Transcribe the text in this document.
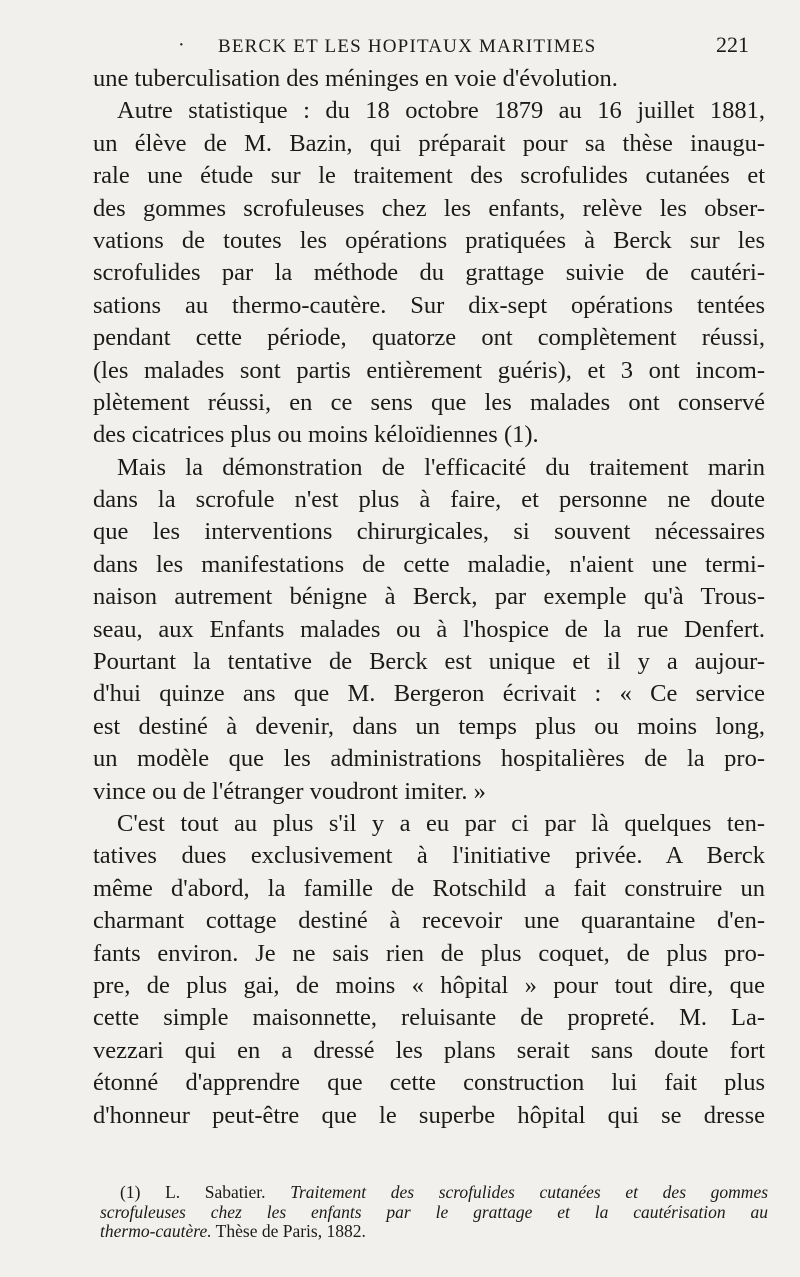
· BERCK ET LES HOPITAUX MARITIMES	221
une tuberculisation des méninges en voie d'évolution.
Autre statistique : du 18 octobre 1879 au 16 juillet 1881,
un élève de M. Bazin, qui préparait pour sa thèse inaugu-
rale une étude sur le traitement des scrofulides cutanées et
des gommes scrofuleuses chez les enfants, relève les obser-
vations de toutes les opérations pratiquées à Berck sur les
scrofulides par la méthode du grattage suivie de cautéri-
sations au thermo-cautère. Sur dix-sept opérations tentées
pendant cette période, quatorze ont complètement réussi,
(les malades sont partis entièrement guéris), et 3 ont incom-
plètement réussi, en ce sens que les malades ont conservé
des cicatrices plus ou moins kéloïdiennes (1).
Mais la démonstration de l'efficacité du traitement marin
dans la scrofule n'est plus à faire, et personne ne doute
que les interventions chirurgicales, si souvent nécessaires
dans les manifestations de cette maladie, n'aient une termi-
naison autrement bénigne à Berck, par exemple qu'à Trous-
seau, aux Enfants malades ou à l'hospice de la rue Denfert.
Pourtant la tentative de Berck est unique et il y a aujour-
d'hui quinze ans que M. Bergeron écrivait : « Ce service
est destiné à devenir, dans un temps plus ou moins long,
un modèle que les administrations hospitalières de la pro-
vince ou de l'étranger voudront imiter. »
C'est tout au plus s'il y a eu par ci par là quelques ten-
tatives dues exclusivement à l'initiative privée. A Berck
même d'abord, la famille de Rotschild a fait construire un
charmant cottage destiné à recevoir une quarantaine d'en-
fants environ. Je ne sais rien de plus coquet, de plus pro-
pre, de plus gai, de moins « hôpital » pour tout dire, que
cette simple maisonnette, reluisante de propreté. M. La-
vezzari qui en a dressé les plans serait sans doute fort
étonné d'apprendre que cette construction lui fait plus
d'honneur peut-être que le superbe hôpital qui se dresse
(1) L. Sabatier. Traitement des scrofulides cutanées et des gommes
scrofuleuses chez les enfants par le grattage et la cautérisation au
thermo-cautère. Thèse de Paris, 1882.
